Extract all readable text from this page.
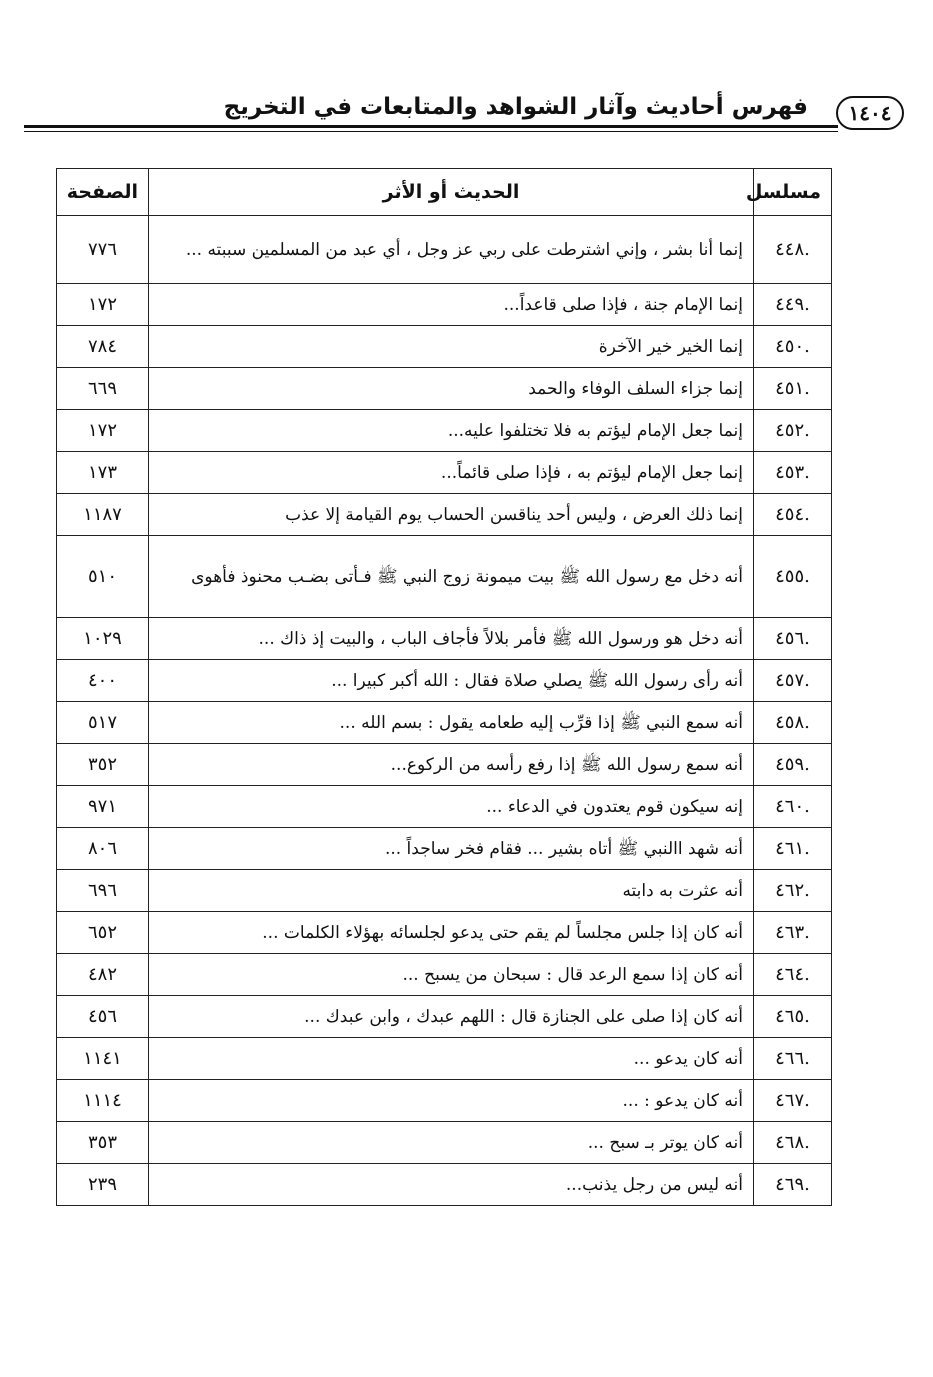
١٤٠٤
فهرس أحاديث وآثار الشواهد والمتابعات في التخريج
مسلسل	الحديث أو الأثر	الصفحة
.٤٤٨	إنما أنا بشر ، وإني اشترطت على ربي عز وجل ، أي عبد من المسلمين سببته ...	٧٧٦
.٤٤٩	إنما الإمام جنة ، فإذا صلى قاعداً...	١٧٢
.٤٥٠	إنما الخير خير الآخرة	٧٨٤
.٤٥١	إنما جزاء السلف الوفاء والحمد	٦٦٩
.٤٥٢	إنما جعل الإمام ليؤتم به فلا تختلفوا عليه...	١٧٢
.٤٥٣	إنما جعل الإمام ليؤتم به ، فإذا صلى قائماً...	١٧٣
.٤٥٤	إنما ذلك العرض ، وليس أحد يناقسن الحساب يوم القيامة إلا عذب	١١٨٧
.٤٥٥	أنه دخل مع رسول الله ﷺ بيت ميمونة زوج النبي ﷺ فـأتى بضـب محنوذ فأهوى	٥١٠
.٤٥٦	أنه دخل هو ورسول الله ﷺ فأمر بلالاً فأجاف الباب ، والبيت إذ ذاك ...	١٠٢٩
.٤٥٧	أنه رأى رسول الله ﷺ يصلي صلاة فقال : الله أكبر كبيرا ...	٤٠٠
.٤٥٨	أنه سمع النبي ﷺ إذا قرِّب إليه طعامه يقول : بسم الله ...	٥١٧
.٤٥٩	أنه سمع رسول الله ﷺ إذا رفع رأسه من الركوع...	٣٥٢
.٤٦٠	إنه سيكون قوم يعتدون في الدعاء ...	٩٧١
.٤٦١	أنه شهد االنبي ﷺ أتاه بشير ... فقام فخر ساجداً ...	٨٠٦
.٤٦٢	أنه عثرت به دابته	٦٩٦
.٤٦٣	أنه كان إذا جلس مجلساً لم يقم حتى يدعو لجلسائه بهؤلاء الكلمات ...	٦٥٢
.٤٦٤	أنه كان إذا سمع الرعد قال : سبحان من يسبح ...	٤٨٢
.٤٦٥	أنه كان إذا صلى على الجنازة قال : اللهم عبدك ، وابن عبدك ...	٤٥٦
.٤٦٦	أنه كان يدعو ...	١١٤١
.٤٦٧	أنه كان يدعو : ...	١١١٤
.٤٦٨	أنه كان يوتر بـ سبح ...	٣٥٣
.٤٦٩	أنه ليس من رجل يذنب...	٢٣٩
